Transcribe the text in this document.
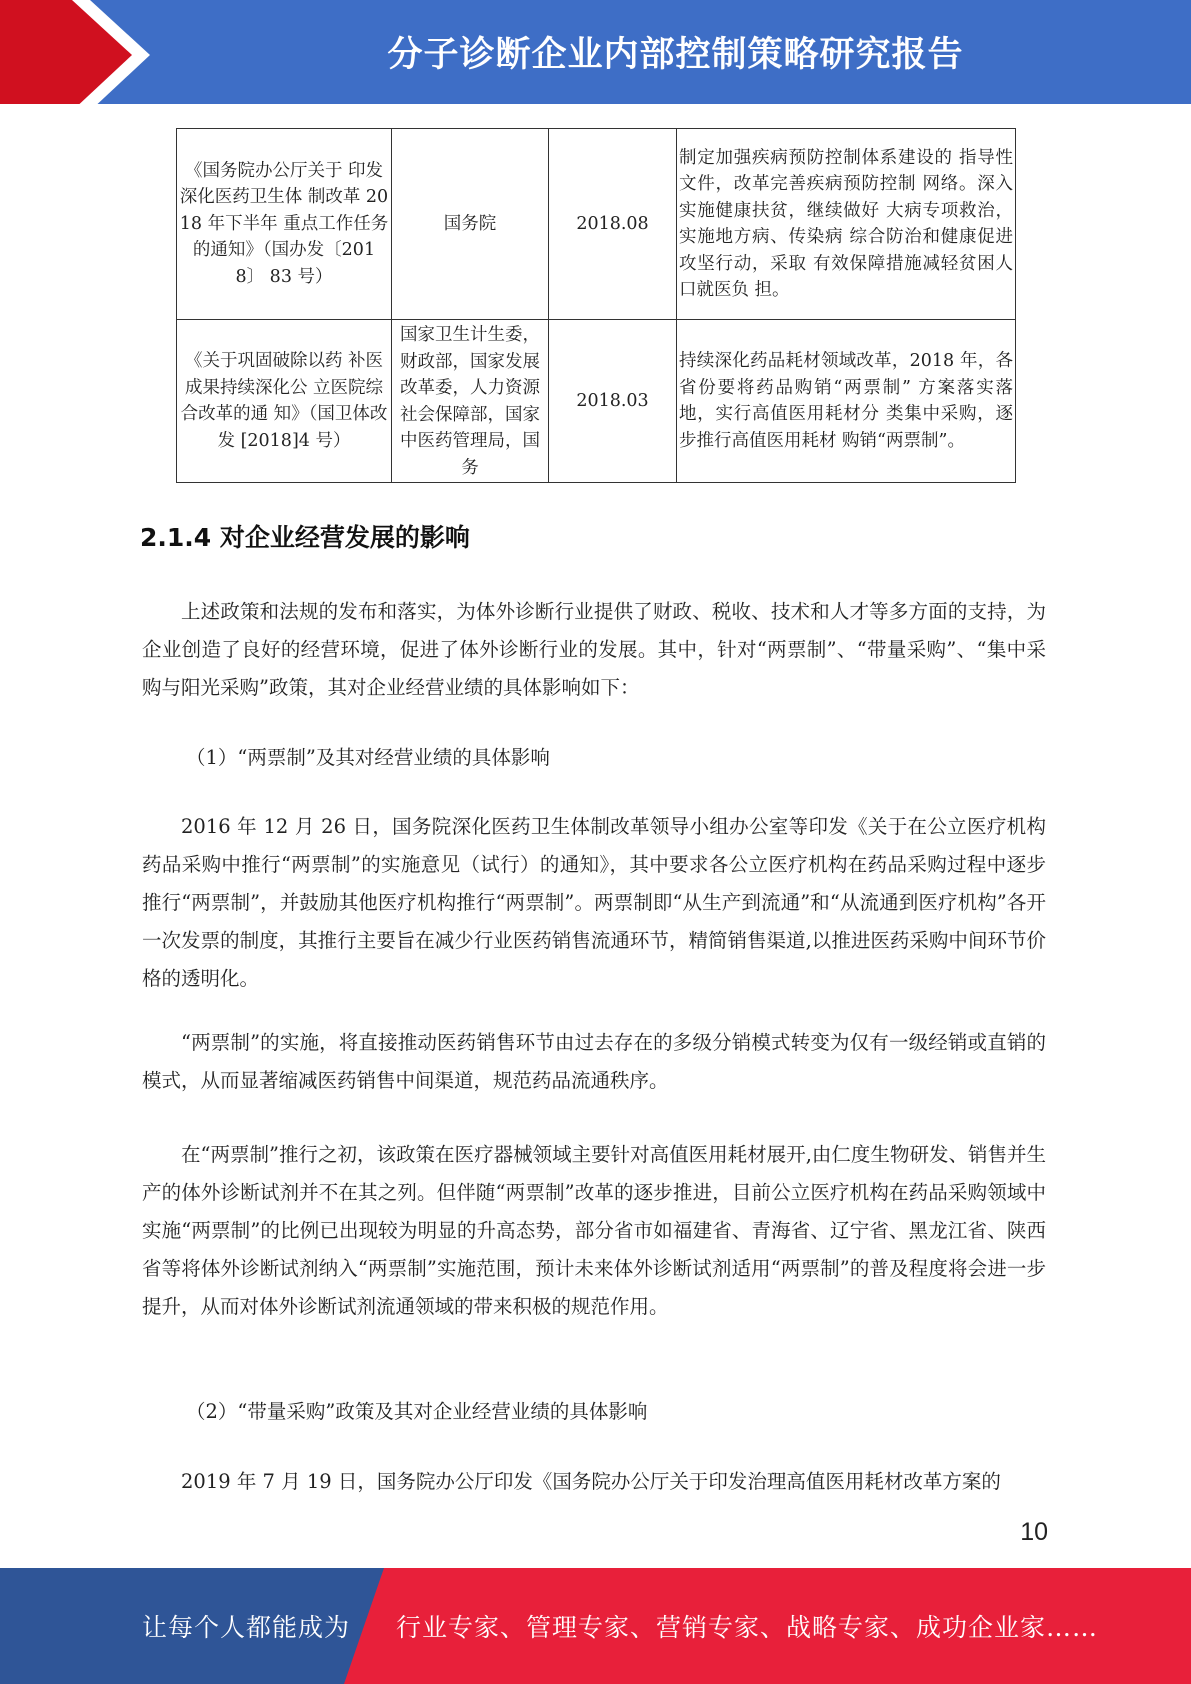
分子诊断企业内部控制策略研究报告
《国务院办公厅关于 印发深化医药卫生体 制改革 2018 年下半年 重点工作任务的通知》（国办发〔2018〕 83 号）	国务院	2018.08	制定加强疾病预防控制体系建设的 指导性文件，改革完善疾病预防控制 网络。深入实施健康扶贫，继续做好 大病专项救治，实施地方病、传染病 综合防治和健康促进攻坚行动，采取 有效保障措施减轻贫困人口就医负 担。
《关于巩固破除以药 补医成果持续深化公 立医院综合改革的通 知》（国卫体改发 [2018]4 号）	国家卫生计生委，财政部，国家发展改革委，人力资源社会保障部，国家中医药管理局，国务	2018.03	持续深化药品耗材领域改革，2018 年，各省份要将药品购销“两票制” 方案落实落地，实行高值医用耗材分 类集中采购，逐步推行高值医用耗材 购销“两票制”。
2.1.4 对企业经营发展的影响

上述政策和法规的发布和落实，为体外诊断行业提供了财政、税收、技术和人才等多方面的支持，为企业创造了良好的经营环境，促进了体外诊断行业的发展。其中，针对“两票制”、“带量采购”、“集中采购与阳光采购”政策，其对企业经营业绩的具体影响如下：

（1）“两票制”及其对经营业绩的具体影响

2016 年 12 月 26 日，国务院深化医药卫生体制改革领导小组办公室等印发《关于在公立医疗机构药品采购中推行“两票制”的实施意见（试行）的通知》，其中要求各公立医疗机构在药品采购过程中逐步推行“两票制”，并鼓励其他医疗机构推行“两票制”。两票制即“从生产到流通”和“从流通到医疗机构”各开一次发票的制度，其推行主要旨在减少行业医药销售流通环节，精简销售渠道,以推进医药采购中间环节价格的透明化。

“两票制”的实施，将直接推动医药销售环节由过去存在的多级分销模式转变为仅有一级经销或直销的模式，从而显著缩减医药销售中间渠道，规范药品流通秩序。

在“两票制”推行之初，该政策在医疗器械领域主要针对高值医用耗材展开,由仁度生物研发、销售并生产的体外诊断试剂并不在其之列。但伴随“两票制”改革的逐步推进，目前公立医疗机构在药品采购领域中实施“两票制”的比例已出现较为明显的升高态势，部分省市如福建省、青海省、辽宁省、黑龙江省、陕西省等将体外诊断试剂纳入“两票制”实施范围，预计未来体外诊断试剂适用“两票制”的普及程度将会进一步提升，从而对体外诊断试剂流通领域的带来积极的规范作用。

（2）“带量采购”政策及其对企业经营业绩的具体影响

2019 年 7 月 19 日，国务院办公厅印发《国务院办公厅关于印发治理高值医用耗材改革方案的

10
让每个人都能成为 行业专家、管理专家、营销专家、战略专家、成功企业家……
